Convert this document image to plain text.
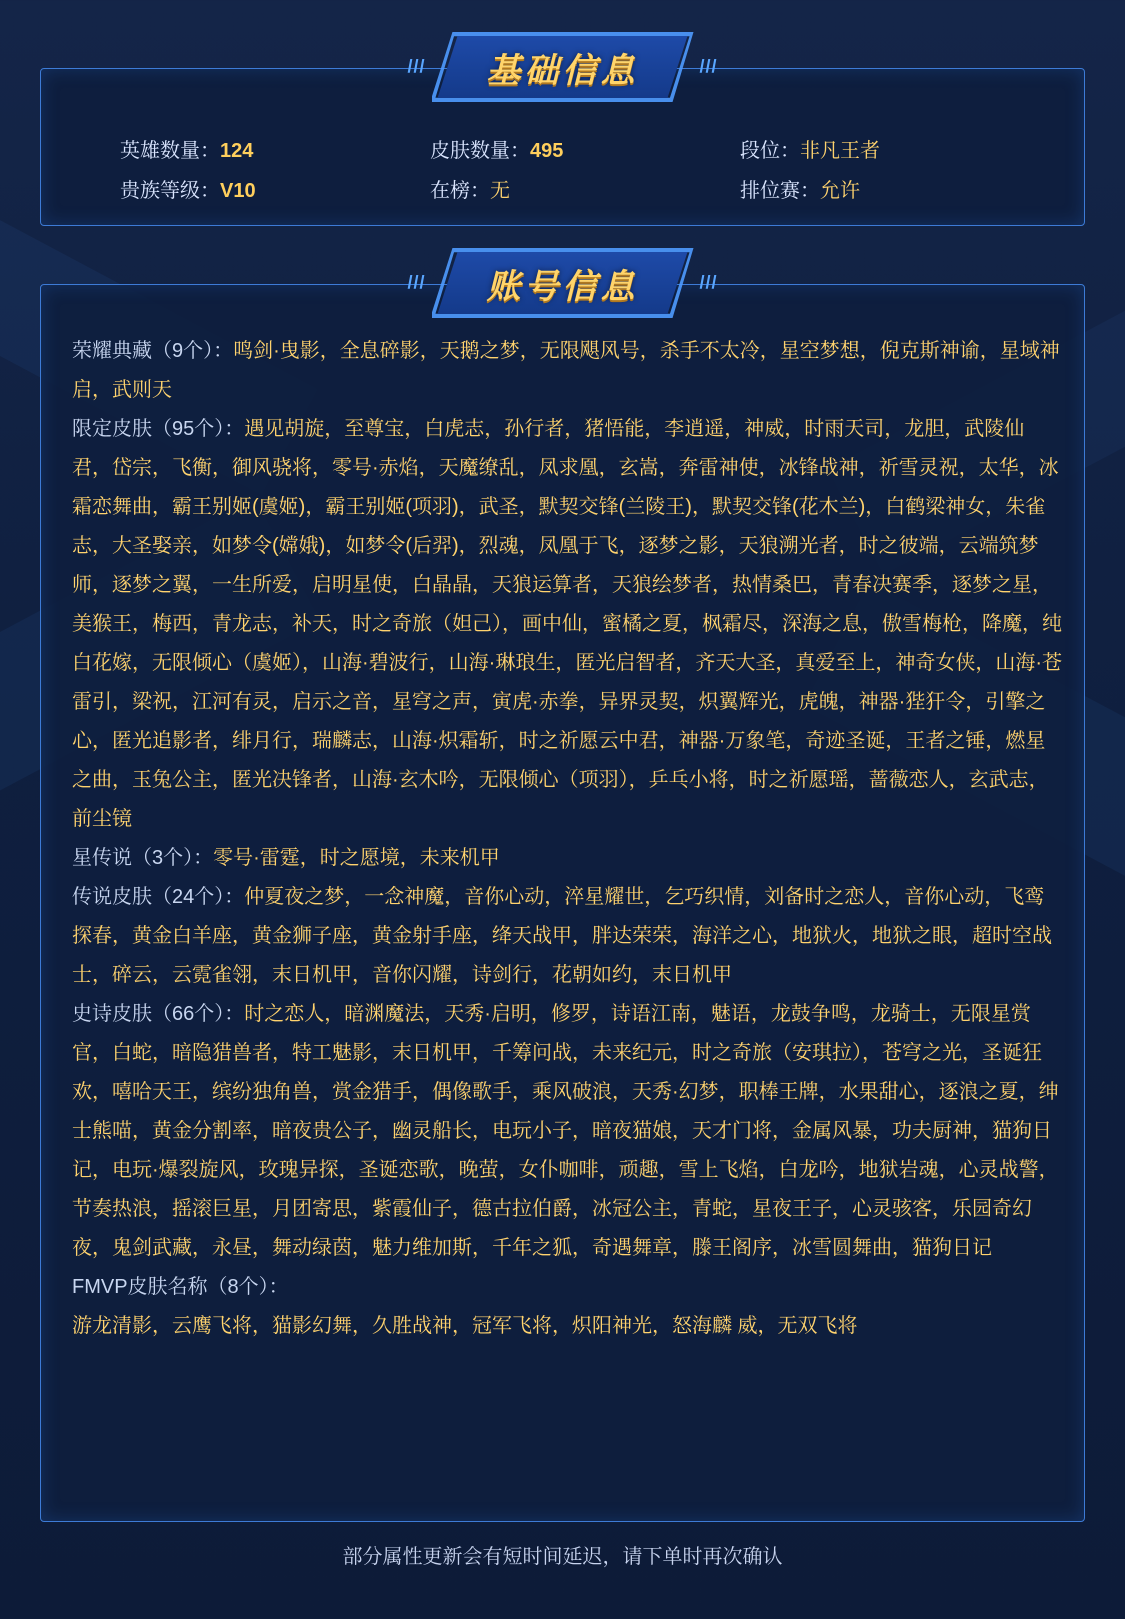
///	基础信息	///
英雄数量：124	皮肤数量：495	段位：非凡王者
贵族等级：V10	在榜：无	排位赛：允许
///	账号信息	///

荣耀典藏（9个）：鸣剑·曳影，全息碎影，天鹅之梦，无限飓风号，杀手不太冷，星空梦想，倪克斯神谕，星域神启，武则天

限定皮肤（95个）：遇见胡旋，至尊宝，白虎志，孙行者，猪悟能，李逍遥，神威，时雨天司，龙胆，武陵仙君，岱宗，飞衡，御风骁将，零号·赤焰，天魔缭乱，凤求凰，玄嵩，奔雷神使，冰锋战神，祈雪灵祝，太华，冰霜恋舞曲，霸王别姬(虞姬)，霸王别姬(项羽)，武圣，默契交锋(兰陵王)，默契交锋(花木兰)，白鹤梁神女，朱雀志，大圣娶亲，如梦令(嫦娥)，如梦令(后羿)，烈魂，凤凰于飞，逐梦之影，天狼溯光者，时之彼端，云端筑梦师，逐梦之翼，一生所爱，启明星使，白晶晶，天狼运算者，天狼绘梦者，热情桑巴，青春决赛季，逐梦之星，美猴王，梅西，青龙志，补天，时之奇旅（妲己），画中仙，蜜橘之夏，枫霜尽，深海之息，傲雪梅枪，降魔，纯白花嫁，无限倾心（虞姬），山海·碧波行，山海·琳琅生，匿光启智者，齐天大圣，真爱至上，神奇女侠，山海·苍雷引，梁祝，江河有灵，启示之音，星穹之声，寅虎·赤拳，异界灵契，炽翼辉光，虎魄，神器·狴犴令，引擎之心，匿光追影者，绯月行，瑞麟志，山海·炽霜斩，时之祈愿云中君，神器·万象笔，奇迹圣诞，王者之锤，燃星之曲，玉兔公主，匿光决锋者，山海·玄木吟，无限倾心（项羽），乒乓小将，时之祈愿瑶，蔷薇恋人，玄武志，前尘镜

星传说（3个）：零号·雷霆，时之愿境，未来机甲

传说皮肤（24个）：仲夏夜之梦，一念神魔，音你心动，淬星耀世，乞巧织情，刘备时之恋人，音你心动，飞鸾探春，黄金白羊座，黄金狮子座，黄金射手座，绛天战甲，胖达荣荣，海洋之心，地狱火，地狱之眼，超时空战士，碎云，云霓雀翎，末日机甲，音你闪耀，诗剑行，花朝如约，末日机甲

史诗皮肤（66个）：时之恋人，暗渊魔法，天秀·启明，修罗，诗语江南，魅语，龙鼓争鸣，龙骑士，无限星赏官，白蛇，暗隐猎兽者，特工魅影，末日机甲，千筹问战，未来纪元，时之奇旅（安琪拉），苍穹之光，圣诞狂欢，嘻哈天王，缤纷独角兽，赏金猎手，偶像歌手，乘风破浪，天秀·幻梦，职棒王牌，水果甜心，逐浪之夏，绅士熊喵，黄金分割率，暗夜贵公子，幽灵船长，电玩小子，暗夜猫娘，天才门将，金属风暴，功夫厨神，猫狗日记，电玩·爆裂旋风，玫瑰异探，圣诞恋歌，晚萤，女仆咖啡，顽趣，雪上飞焰，白龙吟，地狱岩魂，心灵战警，节奏热浪，摇滚巨星，月团寄思，紫霞仙子，德古拉伯爵，冰冠公主，青蛇，星夜王子，心灵骇客，乐园奇幻夜，鬼剑武藏，永昼，舞动绿茵，魅力维加斯，千年之狐，奇遇舞章，滕王阁序，冰雪圆舞曲，猫狗日记

FMVP皮肤名称（8个）：
游龙清影，云鹰飞将，猫影幻舞，久胜战神，冠军飞将，炽阳神光，怒海麟 威，无双飞将

部分属性更新会有短时间延迟，请下单时再次确认
